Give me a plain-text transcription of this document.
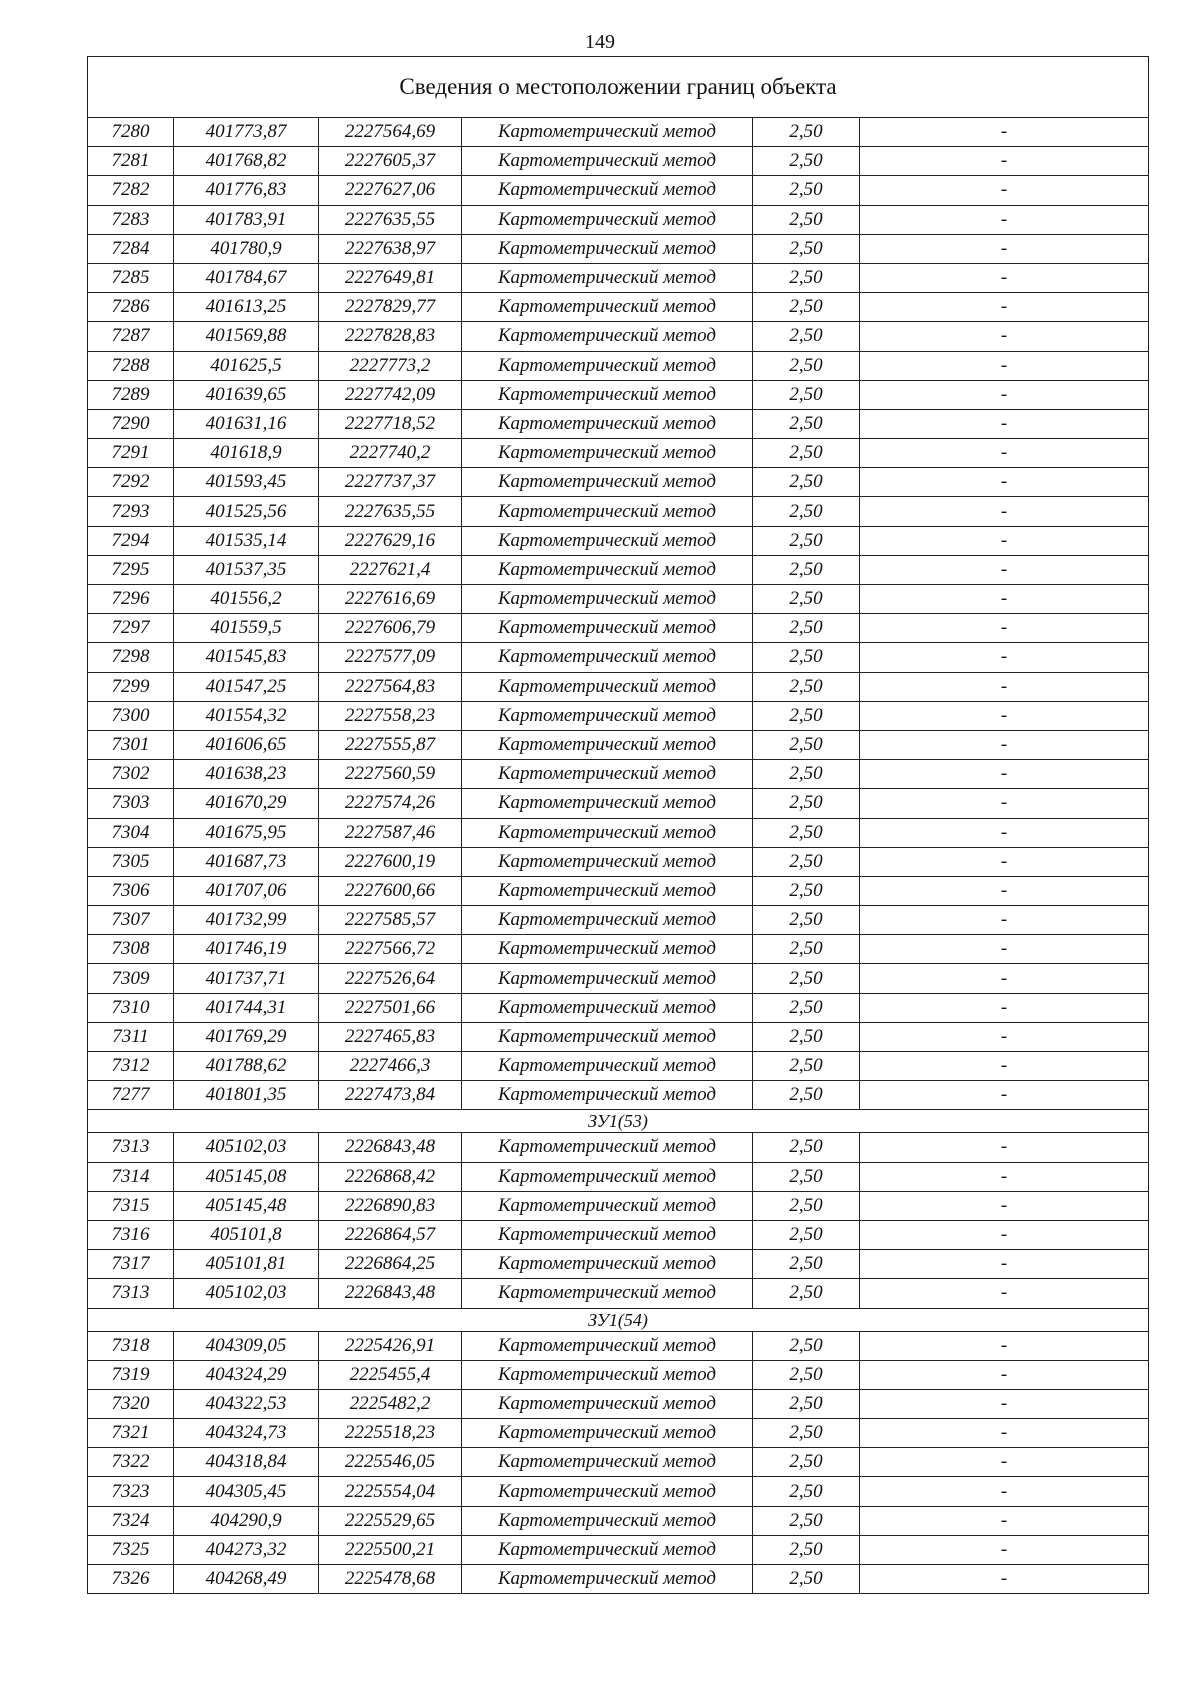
149
Сведения о местоположении границ объекта					
7280	401773,87	2227564,69	Картометрический метод	2,50	-
7281	401768,82	2227605,37	Картометрический метод	2,50	-
7282	401776,83	2227627,06	Картометрический метод	2,50	-
7283	401783,91	2227635,55	Картометрический метод	2,50	-
7284	401780,9	2227638,97	Картометрический метод	2,50	-
7285	401784,67	2227649,81	Картометрический метод	2,50	-
7286	401613,25	2227829,77	Картометрический метод	2,50	-
7287	401569,88	2227828,83	Картометрический метод	2,50	-
7288	401625,5	2227773,2	Картометрический метод	2,50	-
7289	401639,65	2227742,09	Картометрический метод	2,50	-
7290	401631,16	2227718,52	Картометрический метод	2,50	-
7291	401618,9	2227740,2	Картометрический метод	2,50	-
7292	401593,45	2227737,37	Картометрический метод	2,50	-
7293	401525,56	2227635,55	Картометрический метод	2,50	-
7294	401535,14	2227629,16	Картометрический метод	2,50	-
7295	401537,35	2227621,4	Картометрический метод	2,50	-
7296	401556,2	2227616,69	Картометрический метод	2,50	-
7297	401559,5	2227606,79	Картометрический метод	2,50	-
7298	401545,83	2227577,09	Картометрический метод	2,50	-
7299	401547,25	2227564,83	Картометрический метод	2,50	-
7300	401554,32	2227558,23	Картометрический метод	2,50	-
7301	401606,65	2227555,87	Картометрический метод	2,50	-
7302	401638,23	2227560,59	Картометрический метод	2,50	-
7303	401670,29	2227574,26	Картометрический метод	2,50	-
7304	401675,95	2227587,46	Картометрический метод	2,50	-
7305	401687,73	2227600,19	Картометрический метод	2,50	-
7306	401707,06	2227600,66	Картометрический метод	2,50	-
7307	401732,99	2227585,57	Картометрический метод	2,50	-
7308	401746,19	2227566,72	Картометрический метод	2,50	-
7309	401737,71	2227526,64	Картометрический метод	2,50	-
7310	401744,31	2227501,66	Картометрический метод	2,50	-
7311	401769,29	2227465,83	Картометрический метод	2,50	-
7312	401788,62	2227466,3	Картометрический метод	2,50	-
7277	401801,35	2227473,84	Картометрический метод	2,50	-
ЗУ1(53)					
7313	405102,03	2226843,48	Картометрический метод	2,50	-
7314	405145,08	2226868,42	Картометрический метод	2,50	-
7315	405145,48	2226890,83	Картометрический метод	2,50	-
7316	405101,8	2226864,57	Картометрический метод	2,50	-
7317	405101,81	2226864,25	Картометрический метод	2,50	-
7313	405102,03	2226843,48	Картометрический метод	2,50	-
ЗУ1(54)					
7318	404309,05	2225426,91	Картометрический метод	2,50	-
7319	404324,29	2225455,4	Картометрический метод	2,50	-
7320	404322,53	2225482,2	Картометрический метод	2,50	-
7321	404324,73	2225518,23	Картометрический метод	2,50	-
7322	404318,84	2225546,05	Картометрический метод	2,50	-
7323	404305,45	2225554,04	Картометрический метод	2,50	-
7324	404290,9	2225529,65	Картометрический метод	2,50	-
7325	404273,32	2225500,21	Картометрический метод	2,50	-
7326	404268,49	2225478,68	Картометрический метод	2,50	-
